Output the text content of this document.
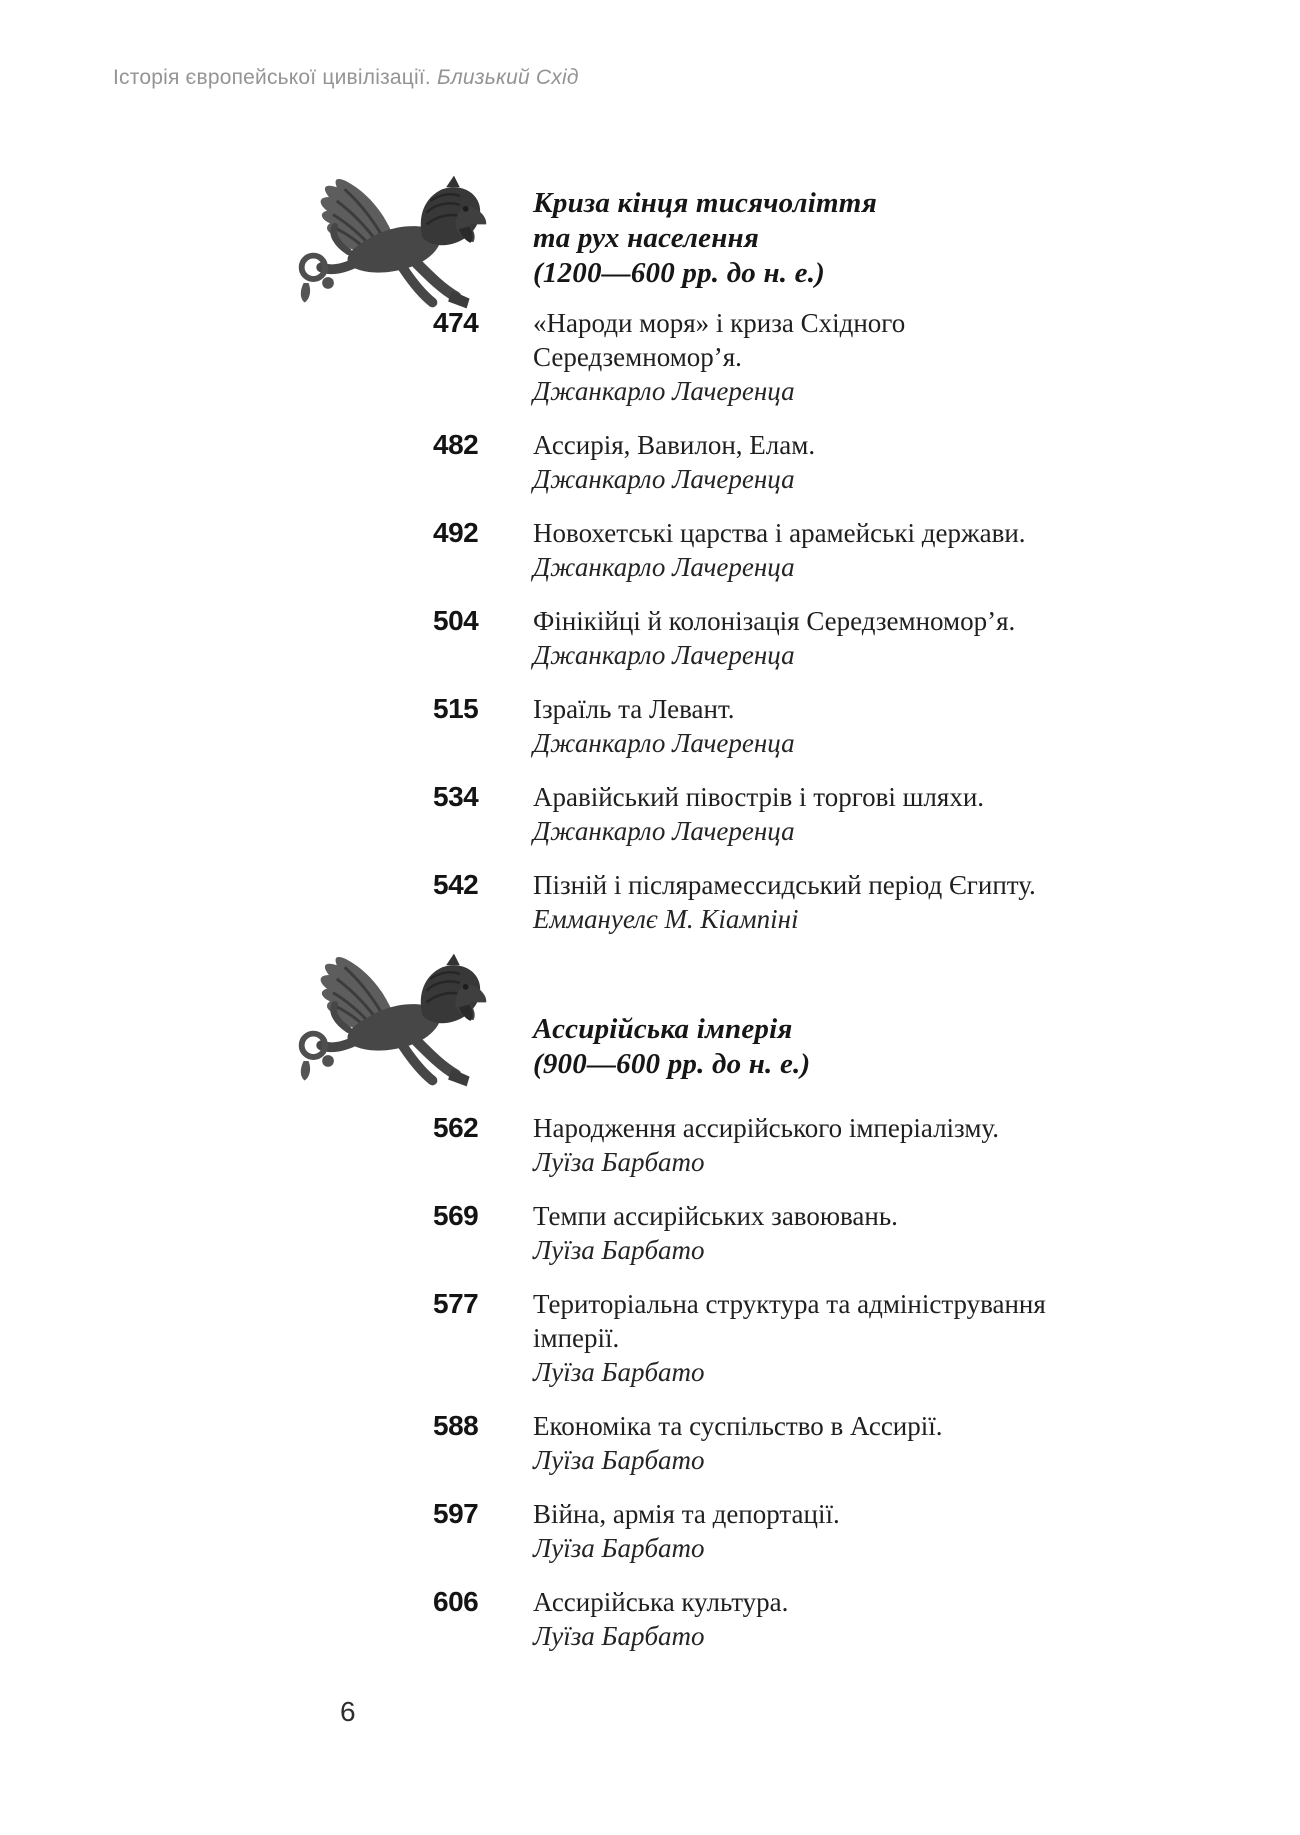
Історія європейської цивілізації. Близький Схід
Криза кінця тисячоліття
та рух населення
(1200—600 рр. до н. е.)
474	«Народи моря» і криза Східного
Середземномор’я.
Джанкарло Лачеренца
482	Ассирія, Вавилон, Елам.
Джанкарло Лачеренца
492	Новохетські царства і арамейські держави.
Джанкарло Лачеренца
504	Фінікійці й колонізація Середземномор’я.
Джанкарло Лачеренца
515	Ізраїль та Левант.
Джанкарло Лачеренца
534	Аравійський півострів і торгові шляхи.
Джанкарло Лачеренца
542	Пізній і післярамессидський період Єгипту.
Еммануелє М. Кіампіні
Ассирійська імперія
(900—600 рр. до н. е.)
562	Народження ассирійського імперіалізму.
Луїза Барбато
569	Темпи ассирійських завоювань.
Луїза Барбато
577	Територіальна структура та адміністрування
імперії.
Луїза Барбато
588	Економіка та суспільство в Ассирії.
Луїза Барбато
597	Війна, армія та депортації.
Луїза Барбато
606	Ассирійська культура.
Луїза Барбато
6
